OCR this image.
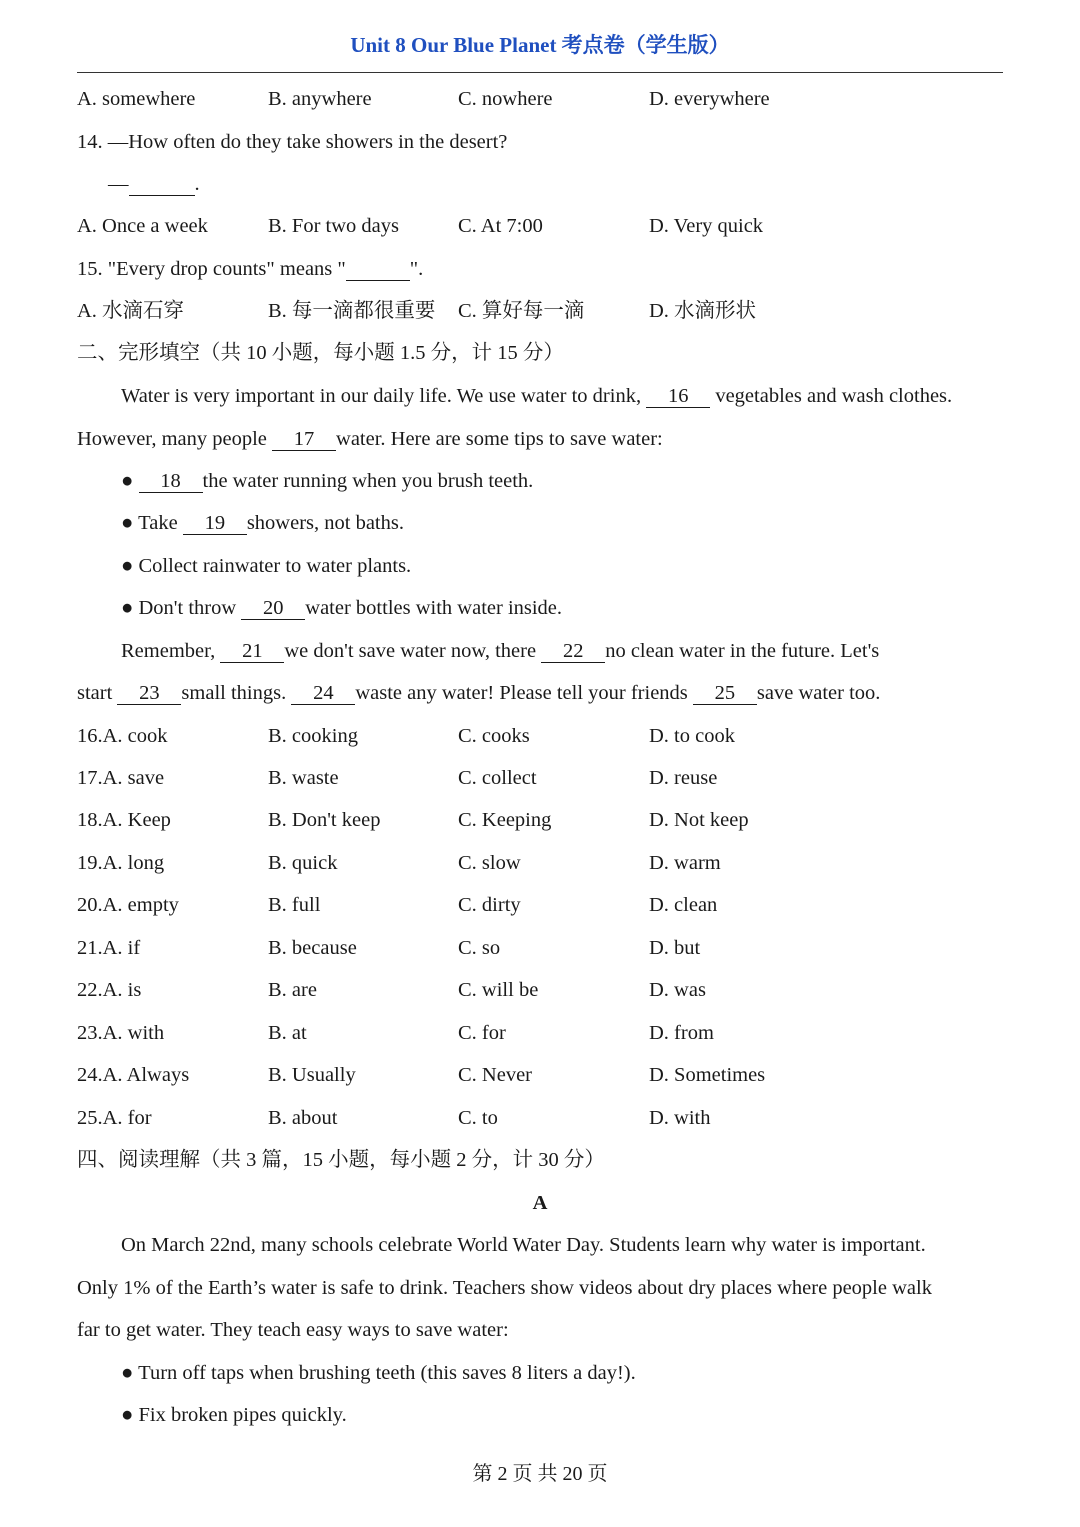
Unit 8 Our Blue Planet 考点卷（学生版）
A. somewhere	B. anywhere	C. nowhere	D. everywhere
14. —How often do they take showers in the desert?
—	.
A. Once a week	B. For two days	C. At 7:00	D. Very quick
15. "Every drop counts" means "	".
A. 水滴石穿	B. 每一滴都很重要 C. 算好每一滴	D. 水滴形状
二、完形填空（共 10 小题，每小题 1.5 分，计 15 分）
Water is very important in our daily life. We use water to drink, 16 vegetables and wash clothes.
However, many people 17 water. Here are some tips to save water:
● 18 the water running when you brush teeth.
● Take 19 showers, not baths.
● Collect rainwater to water plants.
● Don't throw 20 water bottles with water inside.
Remember, 21 we don't save water now, there 22 no clean water in the future. Let's
start 23 small things. 24 waste any water! Please tell your friends 25 save water too.
16.A. cook	B. cooking	C. cooks	D. to cook
17.A. save	B. waste	C. collect	D. reuse
18.A. Keep	B. Don't keep	C. Keeping	D. Not keep
19.A. long	B. quick	C. slow	D. warm
20.A. empty	B. full	C. dirty	D. clean
21.A. if	B. because	C. so	D. but
22.A. is	B. are	C. will be	D. was
23.A. with	B. at	C. for	D. from
24.A. Always	B. Usually	C. Never	D. Sometimes
25.A. for	B. about	C. to	D. with
四、阅读理解（共 3 篇，15 小题，每小题 2 分，计 30 分）
A
On March 22nd, many schools celebrate World Water Day. Students learn why water is important.
Only 1% of the Earth’s water is safe to drink. Teachers show videos about dry places where people walk
far to get water. They teach easy ways to save water:
● Turn off taps when brushing teeth (this saves 8 liters a day!).
● Fix broken pipes quickly.
第 2 页 共 20 页
